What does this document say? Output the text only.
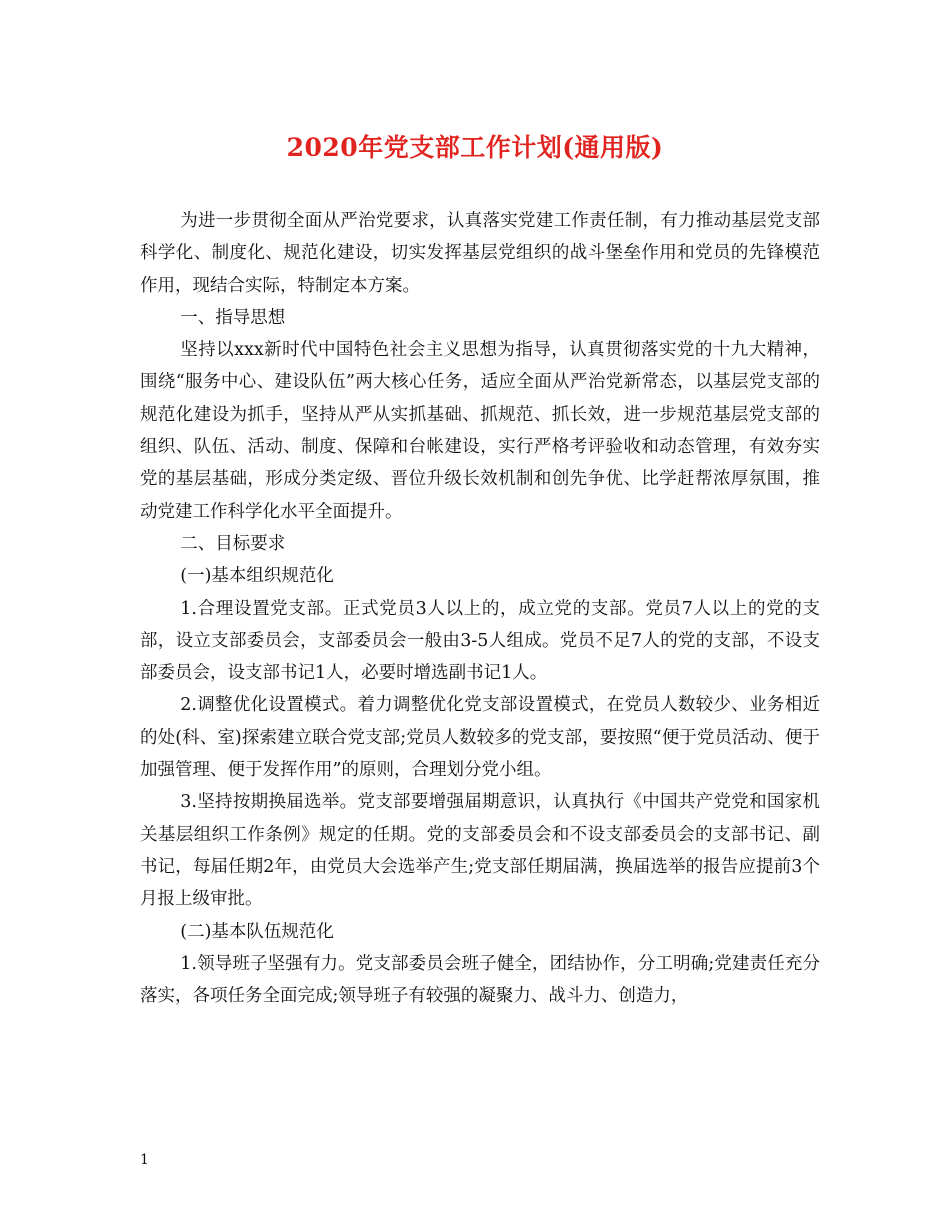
2020年党支部工作计划(通用版)

为进一步贯彻全面从严治党要求，认真落实党建工作责任制，有力推动基层党支部科学化、制度化、规范化建设，切实发挥基层党组织的战斗堡垒作用和党员的先锋模范作用，现结合实际，特制定本方案。

一、指导思想

坚持以xxx新时代中国特色社会主义思想为指导，认真贯彻落实党的十九大精神，围绕“服务中心、建设队伍”两大核心任务，适应全面从严治党新常态，以基层党支部的规范化建设为抓手，坚持从严从实抓基础、抓规范、抓长效，进一步规范基层党支部的组织、队伍、活动、制度、保障和台帐建设，实行严格考评验收和动态管理，有效夯实党的基层基础，形成分类定级、晋位升级长效机制和创先争优、比学赶帮浓厚氛围，推动党建工作科学化水平全面提升。

二、目标要求

(一)基本组织规范化

1.合理设置党支部。正式党员3人以上的，成立党的支部。党员7人以上的党的支部，设立支部委员会，支部委员会一般由3-5人组成。党员不足7人的党的支部，不设支部委员会，设支部书记1人，必要时增选副书记1人。

2.调整优化设置模式。着力调整优化党支部设置模式，在党员人数较少、业务相近的处(科、室)探索建立联合党支部;党员人数较多的党支部，要按照“便于党员活动、便于加强管理、便于发挥作用”的原则，合理划分党小组。

3.坚持按期换届选举。党支部要增强届期意识，认真执行《中国共产党党和国家机关基层组织工作条例》规定的任期。党的支部委员会和不设支部委员会的支部书记、副书记，每届任期2年，由党员大会选举产生;党支部任期届满，换届选举的报告应提前3个月报上级审批。

(二)基本队伍规范化

1.领导班子坚强有力。党支部委员会班子健全，团结协作，分工明确;党建责任充分落实，各项任务全面完成;领导班子有较强的凝聚力、战斗力、创造力，

1
